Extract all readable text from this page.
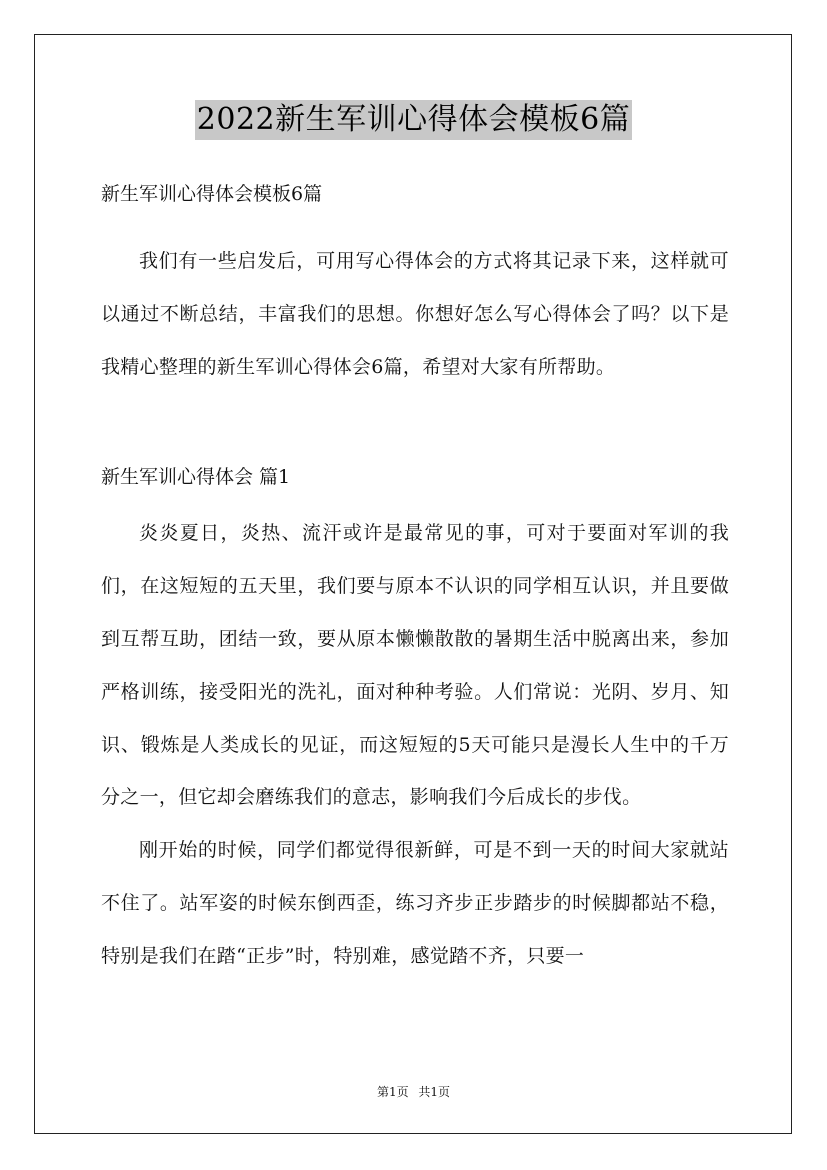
2022新生军训心得体会模板6篇

新生军训心得体会模板6篇

我们有一些启发后，可用写心得体会的方式将其记录下来，这样就可以通过不断总结，丰富我们的思想。你想好怎么写心得体会了吗？以下是我精心整理的新生军训心得体会6篇，希望对大家有所帮助。

新生军训心得体会 篇1

炎炎夏日，炎热、流汗或许是最常见的事，可对于要面对军训的我们，在这短短的五天里，我们要与原本不认识的同学相互认识，并且要做到互帮互助，团结一致，要从原本懒懒散散的暑期生活中脱离出来，参加严格训练，接受阳光的洗礼，面对种种考验。人们常说：光阴、岁月、知识、锻炼是人类成长的见证，而这短短的5天可能只是漫长人生中的千万分之一，但它却会磨练我们的意志，影响我们今后成长的步伐。

刚开始的时候，同学们都觉得很新鲜，可是不到一天的时间大家就站不住了。站军姿的时候东倒西歪，练习齐步正步踏步的时候脚都站不稳，特别是我们在踏“正步”时，特别难，感觉踏不齐，只要一

第1页 共1页
